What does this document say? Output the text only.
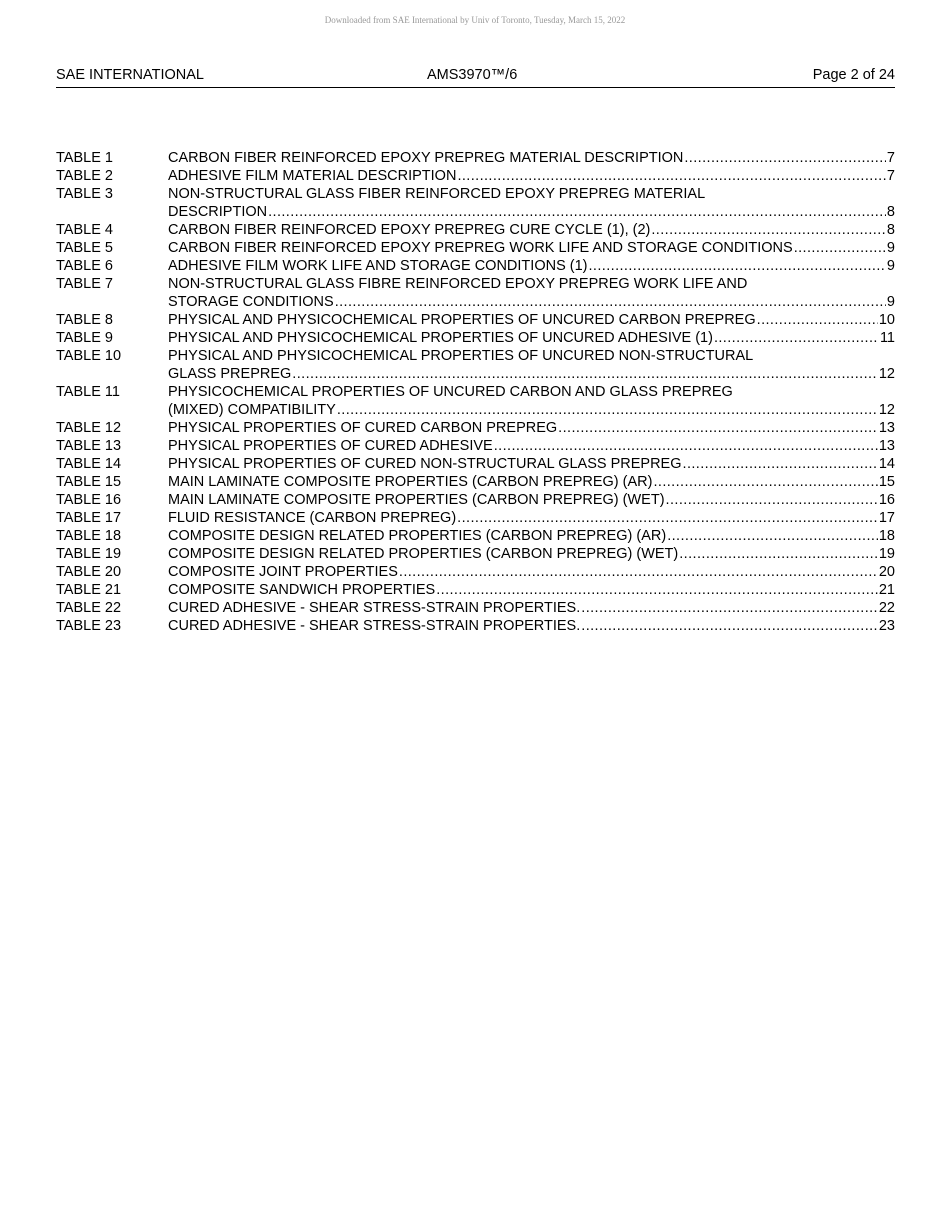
Downloaded from SAE International by Univ of Toronto, Tuesday, March 15, 2022
SAE INTERNATIONAL	AMS3970™/6	Page 2 of 24
TABLE 1	CARBON FIBER REINFORCED EPOXY PREPREG MATERIAL DESCRIPTION .....	7
TABLE 2	ADHESIVE FILM MATERIAL DESCRIPTION .....	7
TABLE 3	NON-STRUCTURAL GLASS FIBER REINFORCED EPOXY PREPREG MATERIAL
DESCRIPTION .....	8
TABLE 4	CARBON FIBER REINFORCED EPOXY PREPREG CURE CYCLE (1), (2) .....	8
TABLE 5	CARBON FIBER REINFORCED EPOXY PREPREG WORK LIFE AND STORAGE CONDITIONS .....	9
TABLE 6	ADHESIVE FILM WORK LIFE AND STORAGE CONDITIONS (1) .....	9
TABLE 7	NON-STRUCTURAL GLASS FIBRE REINFORCED EPOXY PREPREG WORK LIFE AND
STORAGE CONDITIONS .....	9
TABLE 8	PHYSICAL AND PHYSICOCHEMICAL PROPERTIES OF UNCURED CARBON PREPREG .....	10
TABLE 9	PHYSICAL AND PHYSICOCHEMICAL PROPERTIES OF UNCURED ADHESIVE (1) .....	11
TABLE 10	PHYSICAL AND PHYSICOCHEMICAL PROPERTIES OF UNCURED NON-STRUCTURAL
GLASS PREPREG .....	12
TABLE 11	PHYSICOCHEMICAL PROPERTIES OF UNCURED CARBON AND GLASS PREPREG
(MIXED) COMPATIBILITY .....	12
TABLE 12	PHYSICAL PROPERTIES OF CURED CARBON PREPREG .....	13
TABLE 13	PHYSICAL PROPERTIES OF CURED ADHESIVE .....	13
TABLE 14	PHYSICAL PROPERTIES OF CURED NON-STRUCTURAL GLASS PREPREG .....	14
TABLE 15	MAIN LAMINATE COMPOSITE PROPERTIES (CARBON PREPREG) (AR) .....	15
TABLE 16	MAIN LAMINATE COMPOSITE PROPERTIES (CARBON PREPREG) (WET) .....	16
TABLE 17	FLUID RESISTANCE (CARBON PREPREG) .....	17
TABLE 18	COMPOSITE DESIGN RELATED PROPERTIES (CARBON PREPREG) (AR) .....	18
TABLE 19	COMPOSITE DESIGN RELATED PROPERTIES (CARBON PREPREG) (WET) .....	19
TABLE 20	COMPOSITE JOINT PROPERTIES .....	20
TABLE 21	COMPOSITE SANDWICH PROPERTIES .....	21
TABLE 22	CURED ADHESIVE - SHEAR STRESS-STRAIN PROPERTIES. .....	22
TABLE 23	CURED ADHESIVE - SHEAR STRESS-STRAIN PROPERTIES. .....	23
